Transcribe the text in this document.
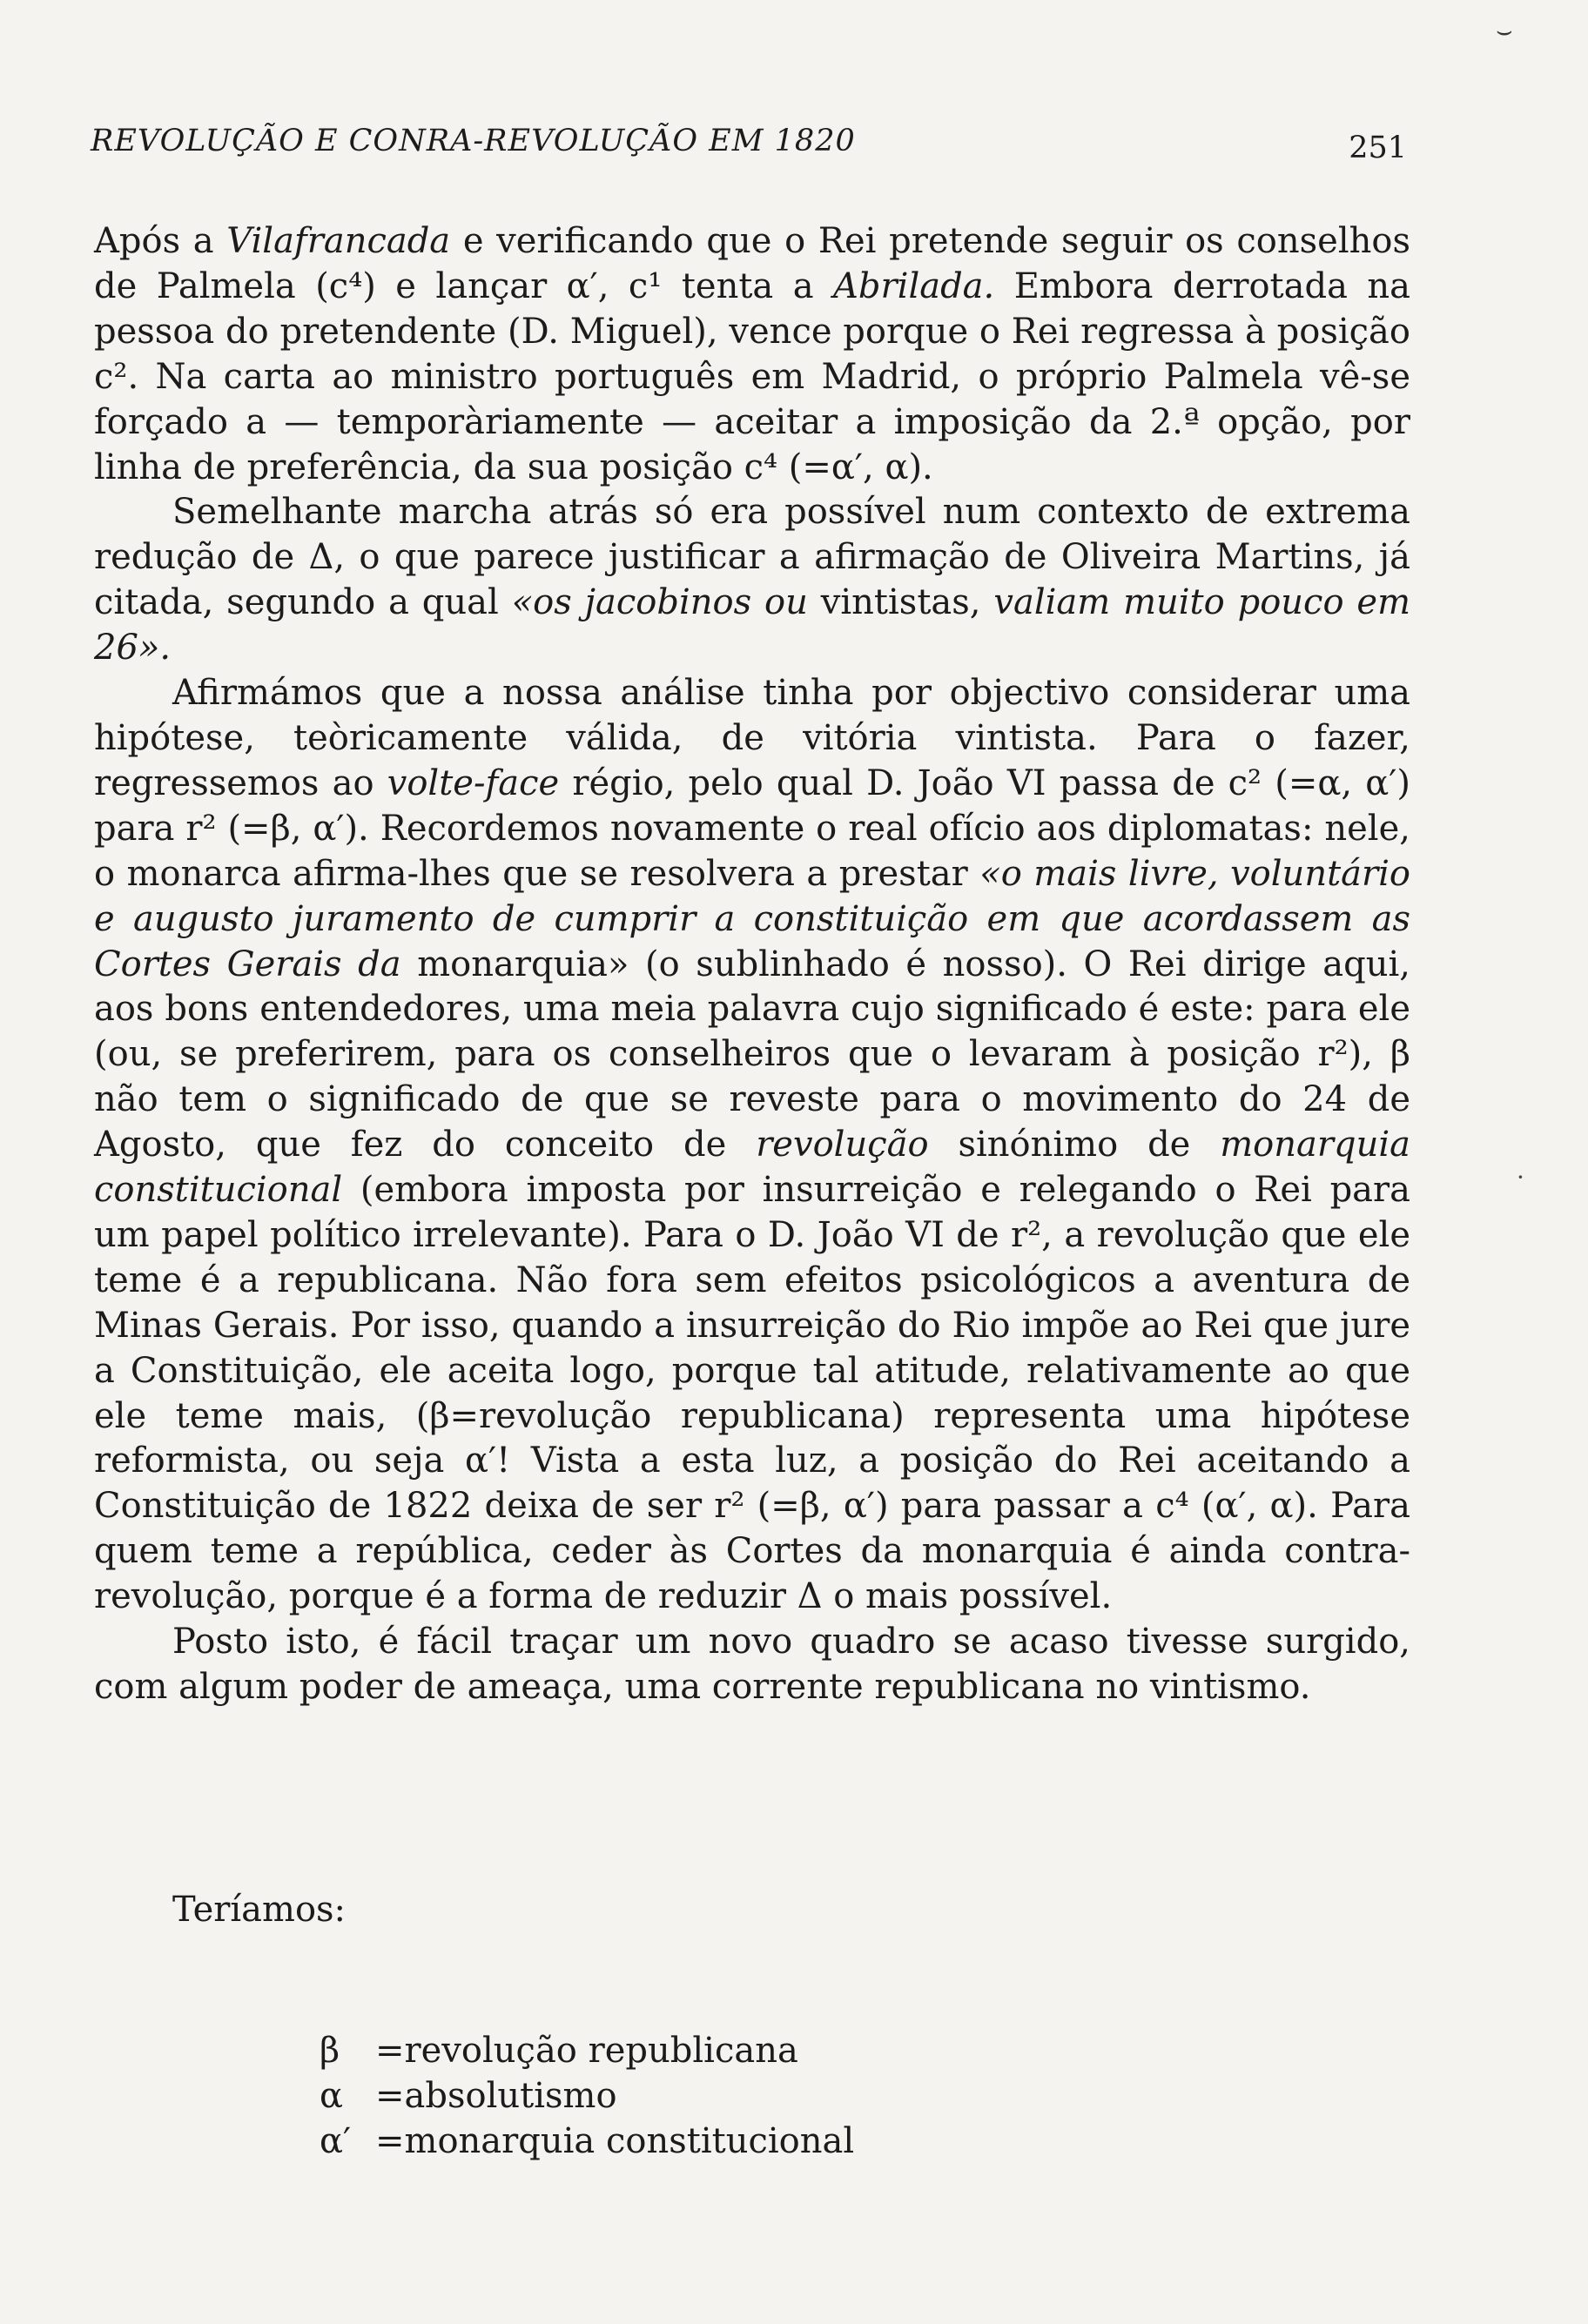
⌣
REVOLUÇÃO E CONRA-REVOLUÇÃO EM 1820	251

Após a Vilafrancada e verificando que o Rei pretende seguir os conselhos de Palmela (c⁴) e lançar α′, c¹ tenta a Abrilada. Embora derrotada na pessoa do pretendente (D. Miguel), vence porque o Rei regressa à posição c². Na carta ao ministro português em Madrid, o próprio Palmela vê-se forçado a — temporàriamente — aceitar a imposição da 2.ª opção, por linha de preferência, da sua posição c⁴ (=α′, α).

Semelhante marcha atrás só era possível num contexto de extrema redução de Δ, o que parece justificar a afirmação de Oliveira Martins, já citada, segundo a qual «os jacobinos ou vintistas, valiam muito pouco em 26».

Afirmámos que a nossa análise tinha por objectivo considerar uma hipótese, teòricamente válida, de vitória vintista. Para o fazer, regressemos ao volte-face régio, pelo qual D. João VI passa de c² (=α, α′) para r² (=β, α′). Recordemos novamente o real ofício aos diplomatas: nele, o monarca afirma-lhes que se resolvera a prestar «o mais livre, voluntário e augusto juramento de cumprir a constituição em que acordassem as Cortes Gerais da monarquia» (o sublinhado é nosso). O Rei dirige aqui, aos bons entendedores, uma meia palavra cujo significado é este: para ele (ou, se preferirem, para os conselheiros que o levaram à posição r²), β não tem o significado de que se reveste para o movimento do 24 de Agosto, que fez do conceito de revolução sinónimo de monarquia constitucional (embora imposta por insurreição e relegando o Rei para um papel político irrelevante). Para o D. João VI de r², a revolução que ele teme é a republicana. Não fora sem efeitos psicológicos a aventura de Minas Gerais. Por isso, quando a insurreição do Rio impõe ao Rei que jure a Constituição, ele aceita logo, porque tal atitude, relativamente ao que ele teme mais, (β=revolução republicana) representa uma hipótese reformista, ou seja α′! Vista a esta luz, a posição do Rei aceitando a Constituição de 1822 deixa de ser r² (=β, α′) para passar a c⁴ (α′, α). Para quem teme a república, ceder às Cortes da monarquia é ainda contra-revolução, porque é a forma de reduzir Δ o mais possível.

Posto isto, é fácil traçar um novo quadro se acaso tivesse surgido, com algum poder de ameaça, uma corrente republicana no vintismo.

·
Teríamos:
β =revolução republicana
α =absolutismo
α′ =monarquia constitucional
